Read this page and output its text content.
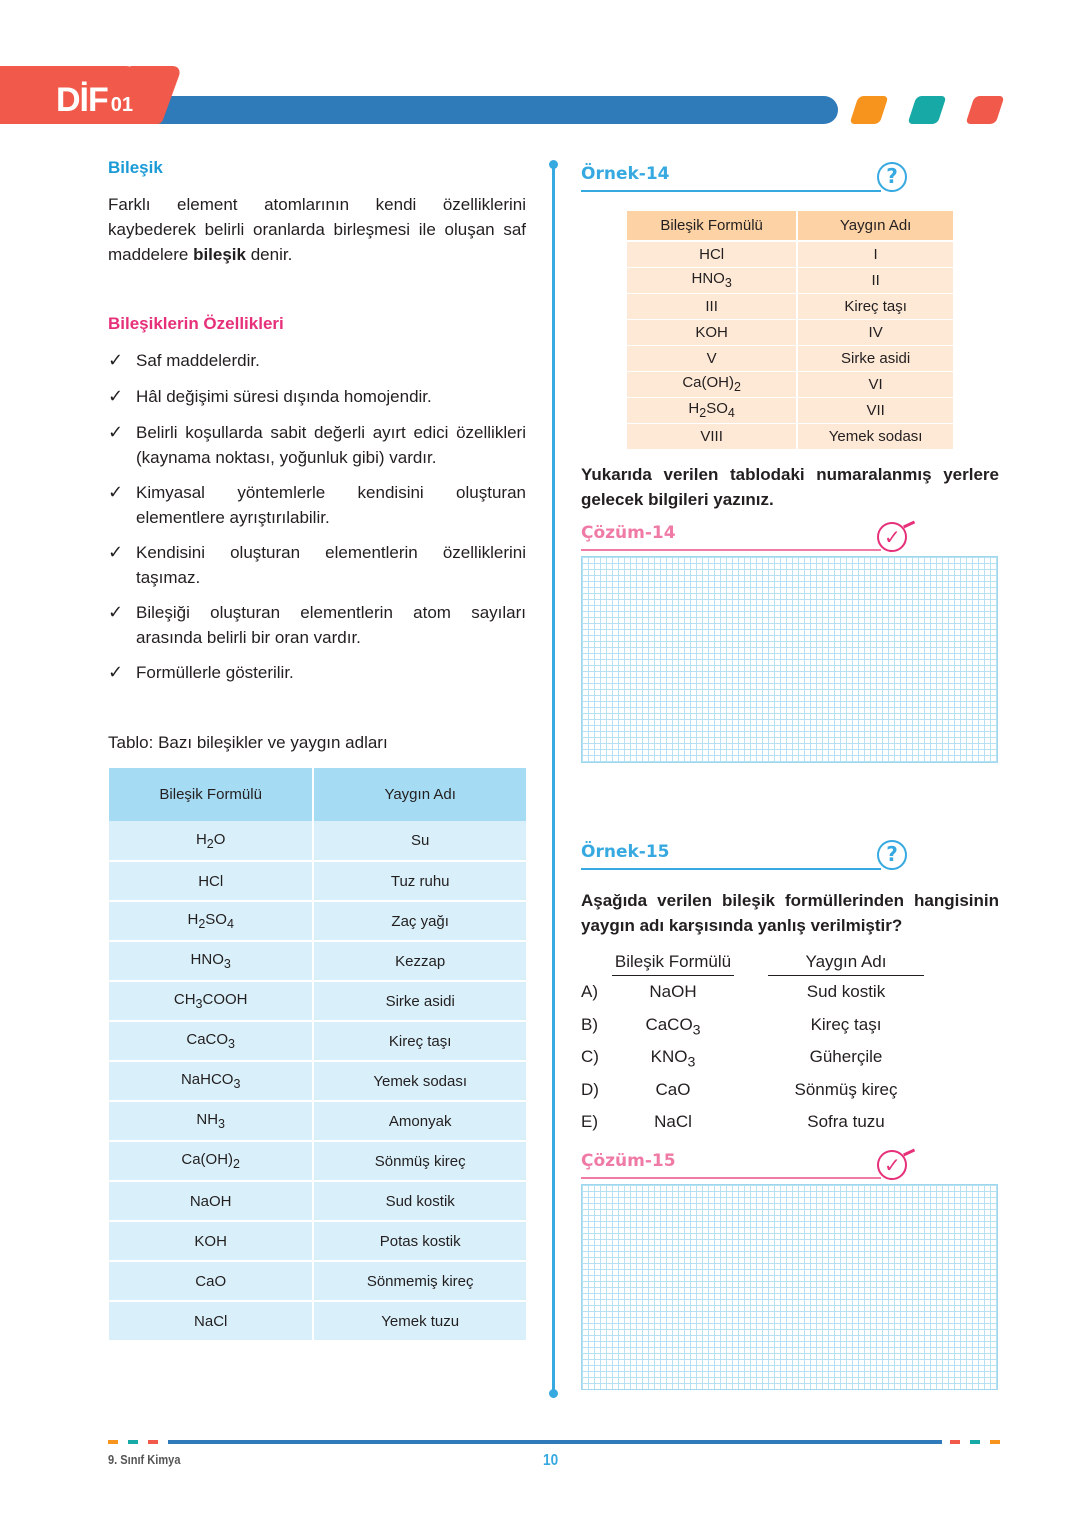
DİF 01
Bileşik

Farklı element atomlarının kendi özelliklerini kaybederek belirli oranlarda birleşmesi ile oluşan saf maddelere bileşik denir.

Bileşiklerin Özellikleri
✓ Saf maddelerdir.
✓ Hâl değişimi süresi dışında homojendir.
✓ Belirli koşullarda sabit değerli ayırt edici özellikleri (kaynama noktası, yoğunluk gibi) vardır.
✓ Kimyasal yöntemlerle kendisini oluşturan elementlere ayrıştırılabilir.
✓ Kendisini oluşturan elementlerin özelliklerini taşımaz.
✓ Bileşiği oluşturan elementlerin atom sayıları arasında belirli bir oran vardır.
✓ Formüllerle gösterilir.
Tablo: Bazı bileşikler ve yaygın adları
Bileşik Formülü	Yaygın Adı
$H_2O$	Su
HCl	Tuz ruhu
$H_2SO_4$	Zaç yağı
$HNO_3$	Kezzap
$CH_3COOH$	Sirke asidi
CaCO$_3$	Kireç taşı
NaHCO$_3$	Yemek sodası
$NH_3$	Amonyak
$Ca(OH)_2$	Sönmüş kireç
NaOH	Sud kostik
KOH	Potas kostik
CaO	Sönmemiş kireç
NaCl	Yemek tuzu
Örnek-14	?
Bileşik Formülü	Yaygın Adı
HCl	I
$HNO_3$	II
III	Kireç taşı
KOH	IV
V	Sirke asidi
$Ca(OH)_2$	VI
$H_2SO_4$	VII
VIII	Yemek sodası

Yukarıda verilen tablodaki numaralanmış yerlere gelecek bilgileri yazınız.

Çözüm-14	✓
Örnek-15	?

Aşağıda verilen bileşik formüllerinden hangisinin yaygın adı karşısında yanlış verilmiştir?

Bileşik Formülü	Yaygın Adı
A)	NaOH	Sud kostik
B)	CaCO$_3$	Kireç taşı
C)	$KNO_3$	Güherçile
D)	CaO	Sönmüş kireç
E)	NaCl	Sofra tuzu
Çözüm-15	✓
9. Sınıf Kimya	10
